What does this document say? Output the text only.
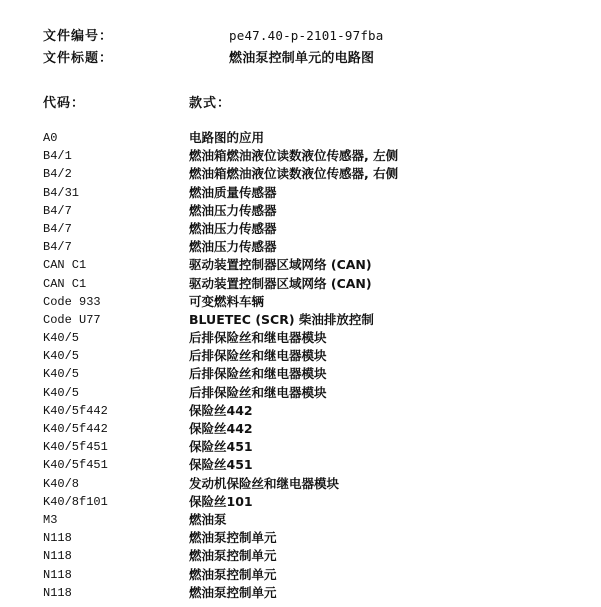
文件编号：	pe47.40-p-2101-97fba
文件标题：	燃油泵控制单元的电路图
代码：	款式：
A0	电路图的应用
B4/1	燃油箱燃油液位读数液位传感器, 左侧
B4/2	燃油箱燃油液位读数液位传感器, 右侧
B4/31	燃油质量传感器
B4/7	燃油压力传感器
B4/7	燃油压力传感器
B4/7	燃油压力传感器
CAN C1	驱动装置控制器区域网络 (CAN)
CAN C1	驱动装置控制器区域网络 (CAN)
Code 933	可变燃料车辆
Code U77	BLUETEC (SCR) 柴油排放控制
K40/5	后排保险丝和继电器模块
K40/5	后排保险丝和继电器模块
K40/5	后排保险丝和继电器模块
K40/5	后排保险丝和继电器模块
K40/5f442	保险丝442
K40/5f442	保险丝442
K40/5f451	保险丝451
K40/5f451	保险丝451
K40/8	发动机保险丝和继电器模块
K40/8f101	保险丝101
M3	燃油泵
N118	燃油泵控制单元
N118	燃油泵控制单元
N118	燃油泵控制单元
N118	燃油泵控制单元
